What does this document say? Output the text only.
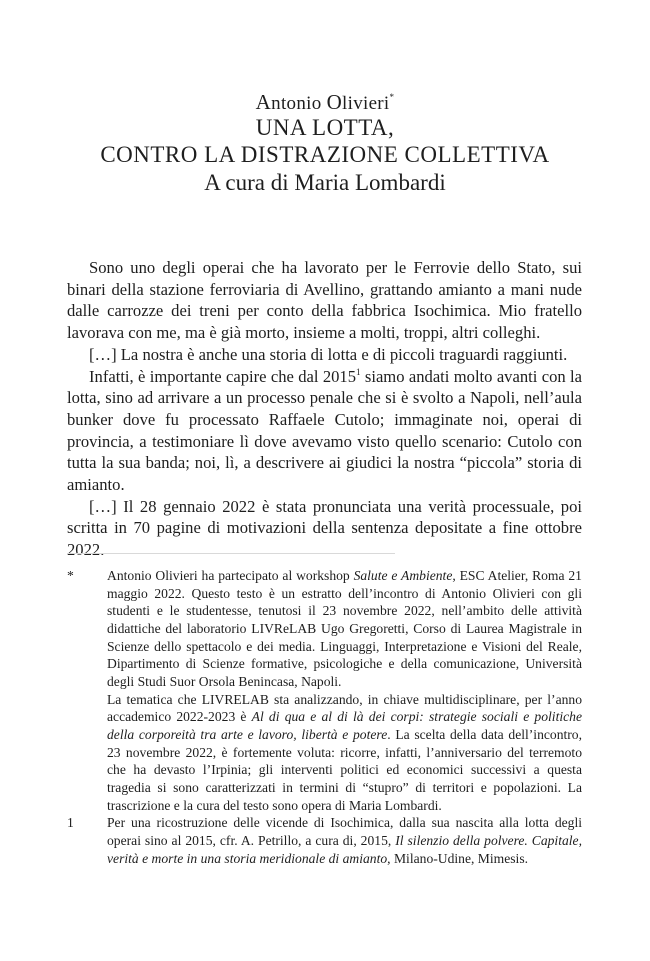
Antonio Olivieri*
UNA LOTTA,
CONTRO LA DISTRAZIONE COLLETTIVA
A cura di Maria Lombardi

Sono uno degli operai che ha lavorato per le Ferrovie dello Stato, sui binari della stazione ferroviaria di Avellino, grattando amianto a mani nude dalle carrozze dei treni per conto della fabbrica Isochimica. Mio fratello lavorava con me, ma è già morto, insieme a molti, troppi, altri colleghi.

[…] La nostra è anche una storia di lotta e di piccoli traguardi raggiunti.

Infatti, è importante capire che dal 2015$^1$ siamo andati molto avanti con la lotta, sino ad arrivare a un processo penale che si è svolto a Napoli, nell’aula bunker dove fu processato Raffaele Cutolo; immaginate noi, operai di provincia, a testimoniare lì dove avevamo visto quello scenario: Cutolo con tutta la sua banda; noi, lì, a descrivere ai giudici la nostra “piccola” storia di amianto.

[…] Il 28 gennaio 2022 è stata pronunciata una verità processuale, poi scritta in 70 pagine di motivazioni della sentenza depositate a fine ottobre 2022.

* Antonio Olivieri ha partecipato al workshop Salute e Ambiente, ESC Atelier, Roma 21 maggio 2022. Questo testo è un estratto dell’incontro di Antonio Olivieri con gli studenti e le studentesse, tenutosi il 23 novembre 2022, nell’ambito delle attività didattiche del laboratorio LIVReLAB Ugo Gregoretti, Corso di Laurea Magistrale in Scienze dello spettacolo e dei media. Linguaggi, Interpretazione e Visioni del Reale, Dipartimento di Scienze formative, psicologiche e della comunicazione, Università degli Studi Suor Orsola Benincasa, Napoli.

La tematica che LIVRELAB sta analizzando, in chiave multidisciplinare, per l’anno accademico 2022-2023 è Al di qua e al di là dei corpi: strategie sociali e politiche della corporeità tra arte e lavoro, libertà e potere. La scelta della data dell’incontro, 23 novembre 2022, è fortemente voluta: ricorre, infatti, l’anniversario del terremoto che ha devasto l’Irpinia; gli interventi politici ed economici successivi a questa tragedia si sono caratterizzati in termini di “stupro” di territori e popolazioni. La trascrizione e la cura del testo sono opera di Maria Lombardi.

1 Per una ricostruzione delle vicende di Isochimica, dalla sua nascita alla lotta degli operai sino al 2015, cfr. A. Petrillo, a cura di, 2015, Il silenzio della polvere. Capitale, verità e morte in una storia meridionale di amianto, Milano-Udine, Mimesis.
